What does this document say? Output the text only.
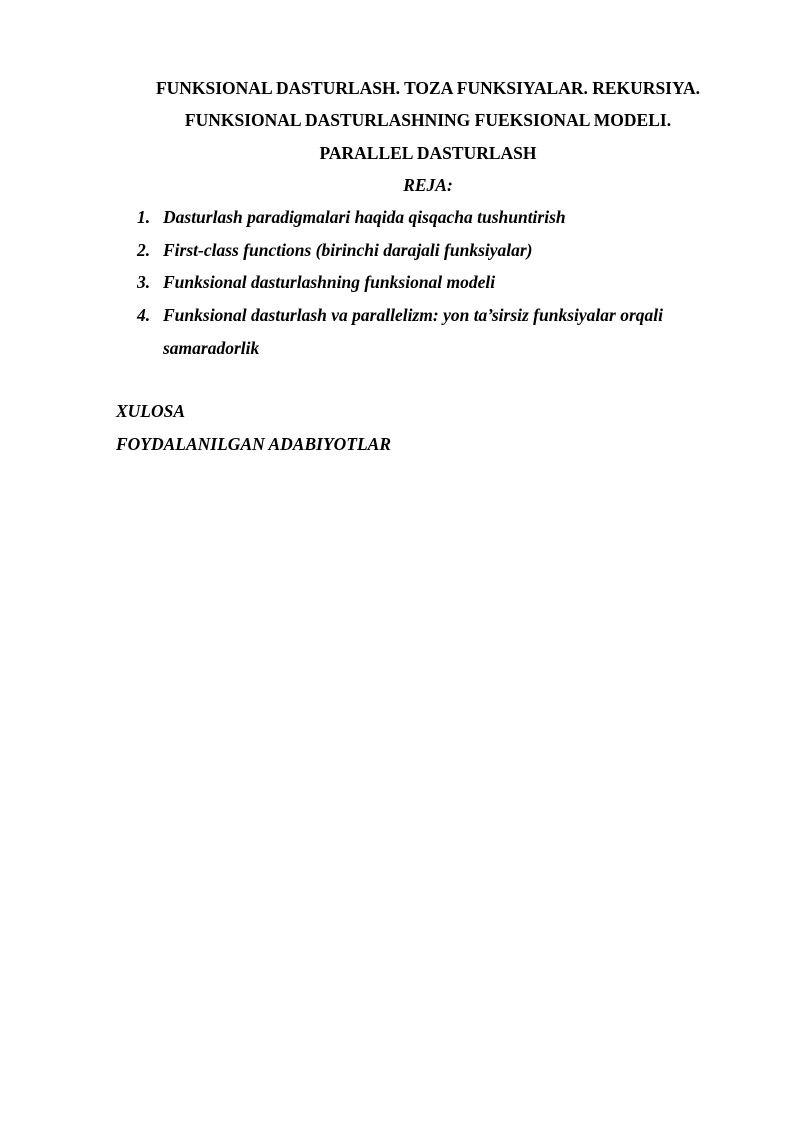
FUNKSIONAL DASTURLASH. TOZA FUNKSIYALAR. REKURSIYA.
FUNKSIONAL DASTURLASHNING FUEKSIONAL MODELI.
PARALLEL DASTURLASH
REJA:
1. Dasturlash paradigmalari haqida qisqacha tushuntirish
2. First-class functions (birinchi darajali funksiyalar)
3. Funksional dasturlashning funksional modeli
4. Funksional dasturlash va parallelizm: yon ta’sirsiz funksiyalar orqali
samaradorlik
XULOSA
FOYDALANILGAN ADABIYOTLAR
